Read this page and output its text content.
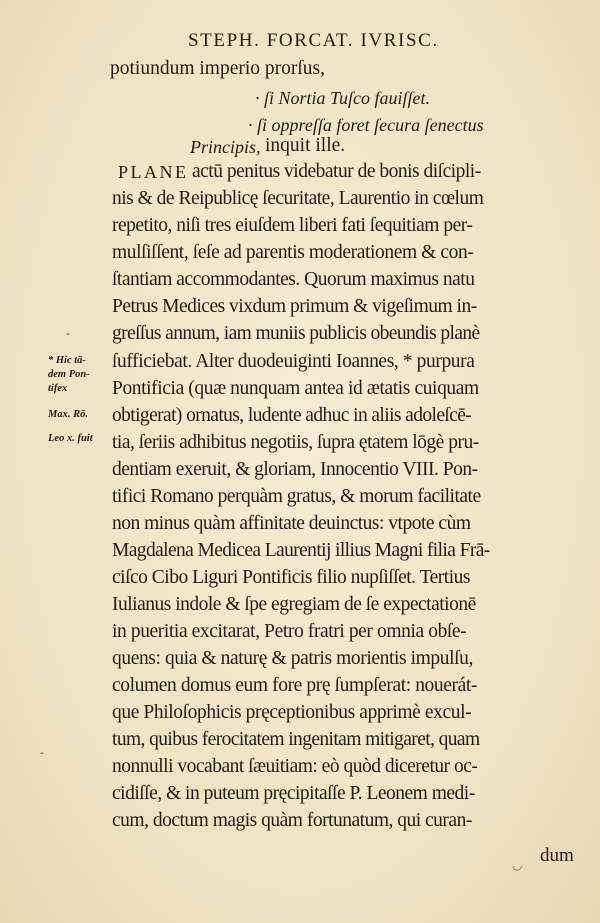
STEPH. FORCAT. IVRISC.
potiundum imperio prorſus,
· ſi Nortia Tuſco fauiſſet.
· ſi oppreſſa foret ſecura ſenectus
Principis, inquit ille.
PLANE actū penitus videbatur de bonis diſcipli-
nis & de Reipublicę ſecuritate, Laurentio in cœlum
repetito, niſi tres eiuſdem liberi fati ſequitiam per-
mulſiſſent, ſeſe ad parentis moderationem & con-
ſtantiam accommodantes. Quorum maximus natu
Petrus Medices vixdum primum & vigeſimum in-
greſſus annum, iam muniis publicis obeundis planè
ſufficiebat. Alter duodeuiginti Ioannes, * purpura
Pontificia (quæ nunquam antea id ætatis cuiquam
obtigerat) ornatus, ludente adhuc in aliis adoleſcē-
tia, ſeriis adhibitus negotiis, ſupra ętatem lōgè pru-
dentiam exeruit, & gloriam, Innocentio VIII. Pon-
tifici Romano perquàm gratus, & morum facilitate
non minus quàm affinitate deuinctus: vtpote cùm
Magdalena Medicea Laurentij illius Magni filia Frā-
ciſco Cibo Liguri Pontificis filio nupſiſſet. Tertius
Iulianus indole & ſpe egregiam de ſe expectationē
in pueritia excitarat, Petro fratri per omnia obſe-
quens: quia & naturę & patris morientis impulſu,
columen domus eum fore prę ſumpſerat: nouerát-
que Philoſophicis pręceptionibus apprimè excul-
tum, quibus ferocitatem ingenitam mitigaret, quam
nonnulli vocabant ſæuitiam: eò quòd diceretur oc-
cidiſſe, & in puteum pręcipitaſſe P. Leonem medi-
cum, doctum magis quàm fortunatum, qui curan-
dum
* Hic tā-
dem Pon-
tifex
Max. Rō.
Leo x. fuit
-
-
◡
